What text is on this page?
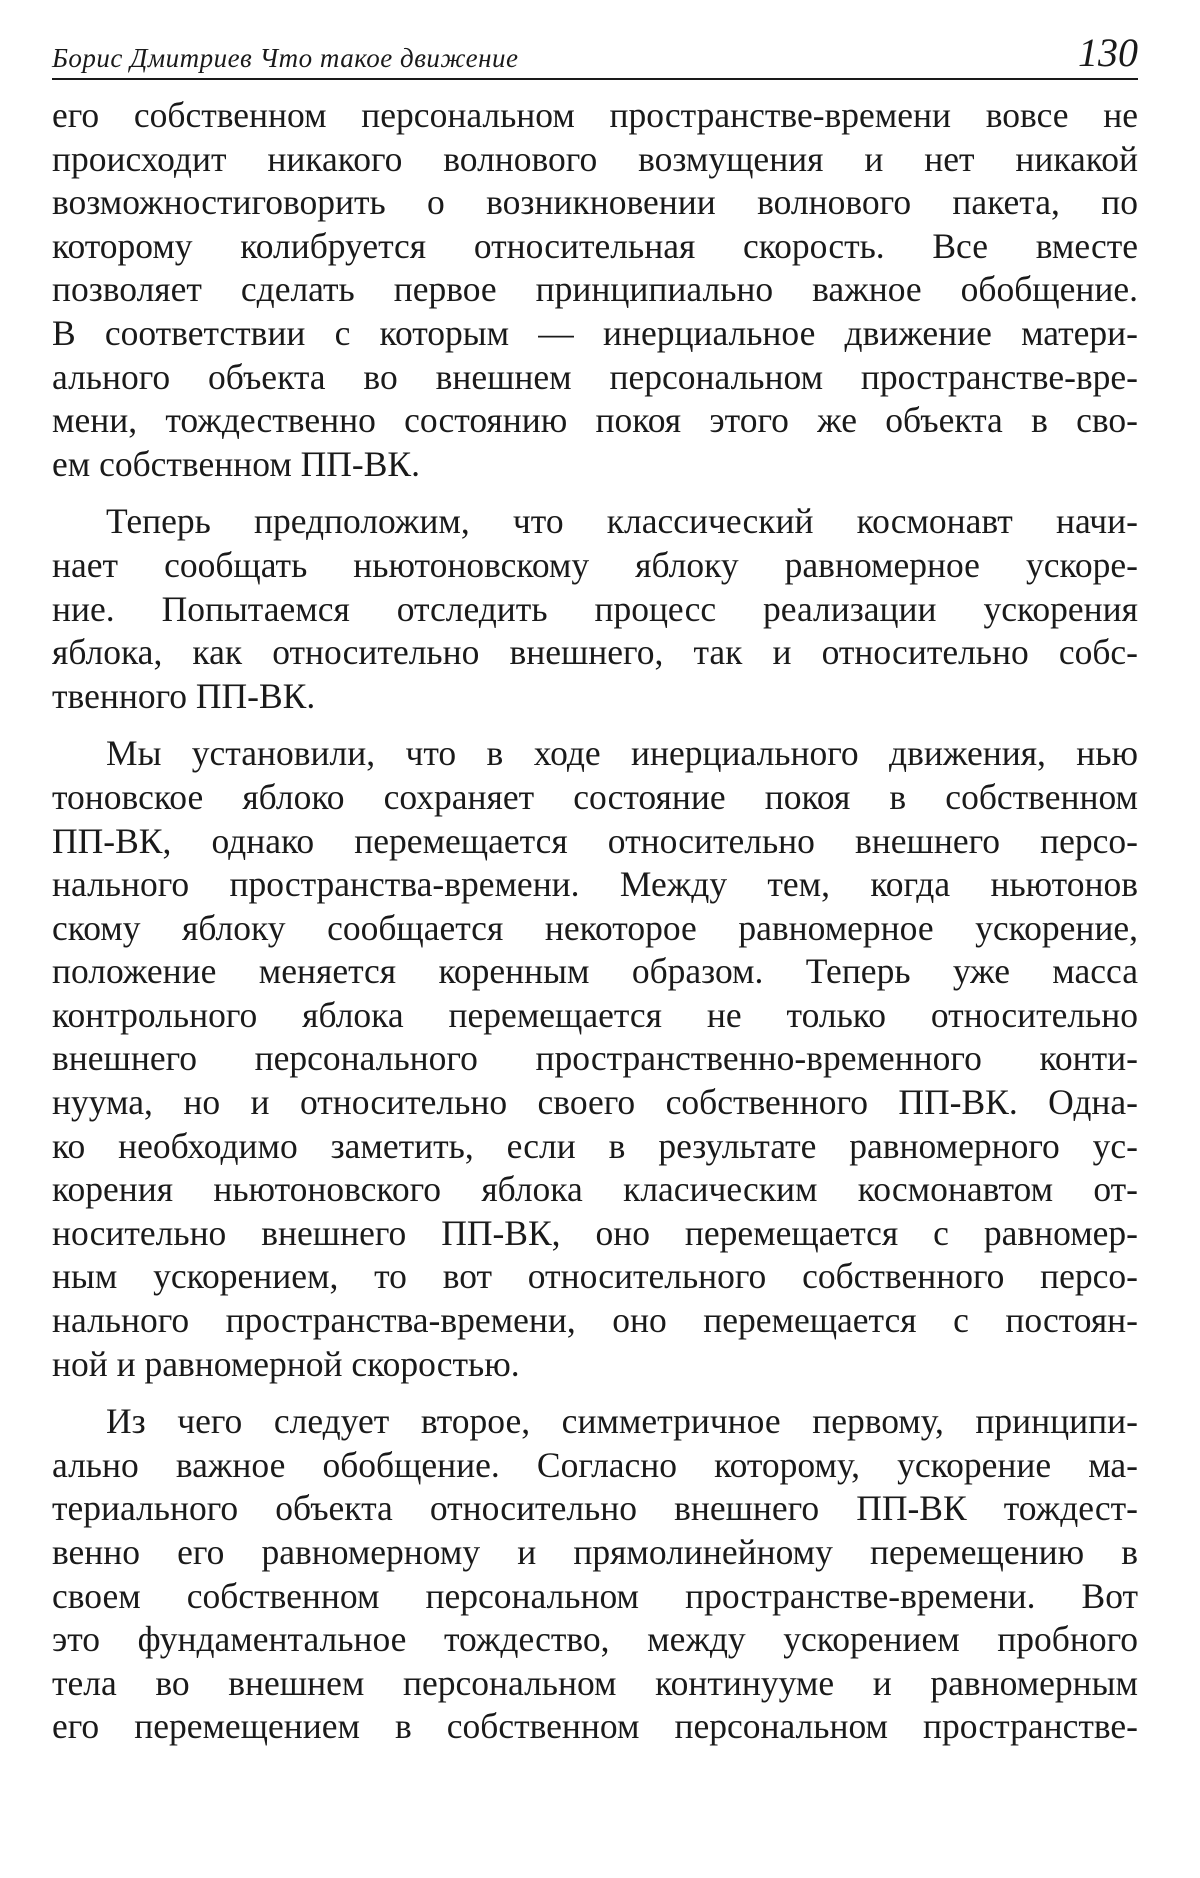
Борис Дмитриев Что такое движение	130

его собственном персональном пространстве-времени вовсе не
происходит никакого волнового возмущения и нет никакой
возможностиговорить о возникновении волнового пакета, по
которому колибруется относительная скорость. Все вместе
позволяет сделать первое принципиально важное обобщение.
В соответствии с которым — инерциальное движение матери-
ального объекта во внешнем персональном пространстве-вре-
мени, тождественно состоянию покоя этого же объекта в сво-
ем собственном ПП-ВК.

Теперь предположим, что классический космонавт начи-
нает сообщать ньютоновскому яблоку равномерное ускоре-
ние. Попытаемся отследить процесс реализации ускорения
яблока, как относительно внешнего, так и относительно собс-
твенного ПП-ВК.

Мы установили, что в ходе инерциального движения, нью
тоновское яблоко сохраняет состояние покоя в собственном
ПП-ВК, однако перемещается относительно внешнего персо-
нального пространства-времени. Между тем, когда ньютонов
скому яблоку сообщается некоторое равномерное ускорение,
положение меняется коренным образом. Теперь уже масса
контрольного яблока перемещается не только относительно
внешнего персонального пространственно-временного конти-
нуума, но и относительно своего собственного ПП-ВК. Одна-
ко необходимо заметить, если в результате равномерного ус-
корения ньютоновского яблока класическим космонавтом от-
носительно внешнего ПП-ВК, оно перемещается с равномер-
ным ускорением, то вот относительного собственного персо-
нального пространства-времени, оно перемещается с постоян-
ной и равномерной скоростью.

Из чего следует второе, симметричное первому, принципи-
ально важное обобщение. Согласно которому, ускорение ма-
териального объекта относительно внешнего ПП-ВК тождест-
венно его равномерному и прямолинейному перемещению в
своем собственном персональном пространстве-времени. Вот
это фундаментальное тождество, между ускорением пробного
тела во внешнем персональном континууме и равномерным
его перемещением в собственном персональном пространстве-
